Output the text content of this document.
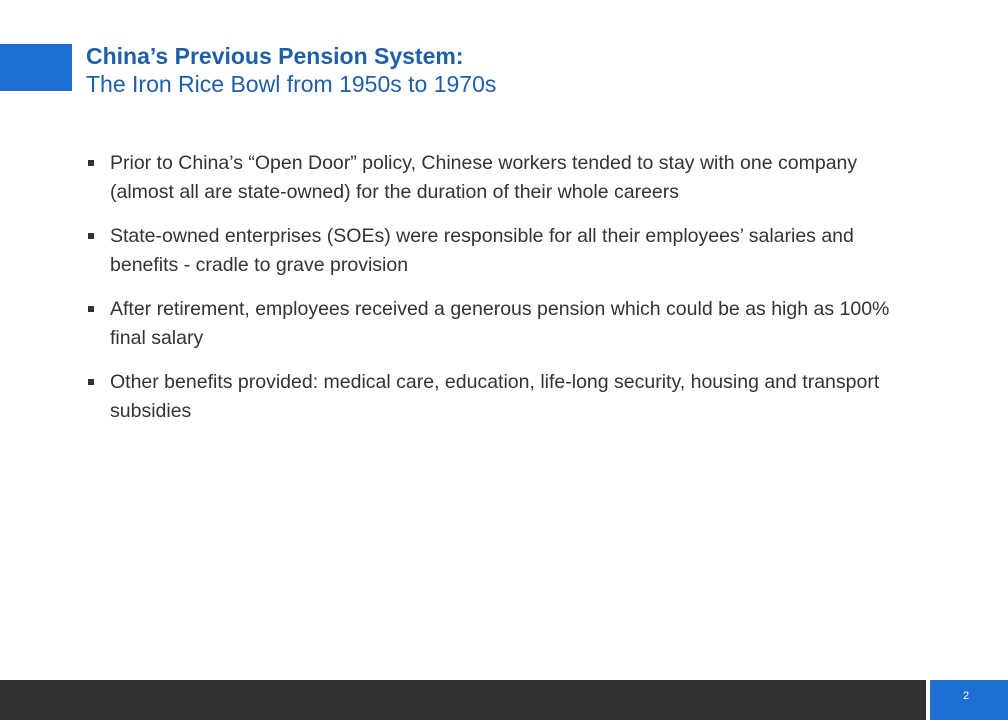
China’s Previous Pension System:
The Iron Rice Bowl from 1950s to 1970s
Prior to China’s “Open Door” policy, Chinese workers tended to stay with one company (almost all are state-owned) for the duration of their whole careers
State-owned enterprises (SOEs) were responsible for all their employees’ salaries and benefits - cradle to grave provision
After retirement, employees received a generous pension which could be as high as 100% final salary
Other benefits provided: medical care, education, life-long security, housing and transport subsidies
2
